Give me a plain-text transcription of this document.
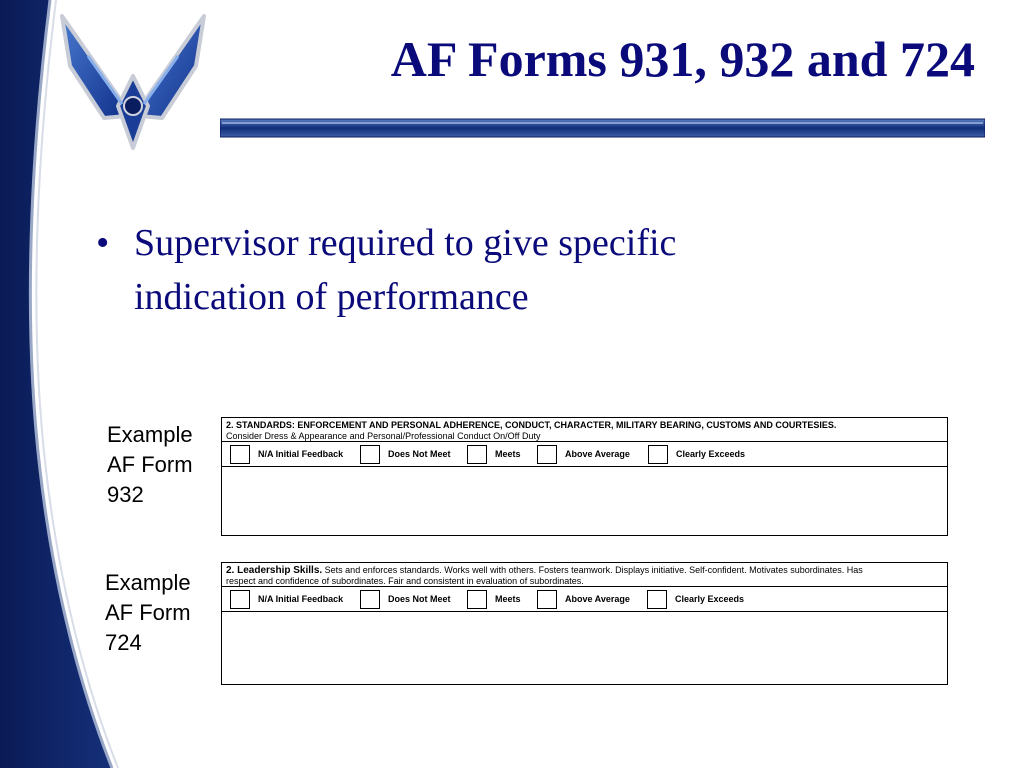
AF Forms 931, 932 and 724
• Supervisor required to give specific indication of performance
Example
AF Form
932
2. STANDARDS: ENFORCEMENT AND PERSONAL ADHERENCE, CONDUCT, CHARACTER, MILITARY BEARING, CUSTOMS AND COURTESIES.
Consider Dress & Appearance and Personal/Professional Conduct On/Off Duty
N/A Initial Feedback	Does Not Meet	Meets	Above Average	Clearly Exceeds
Example
AF Form
724
2. Leadership Skills. Sets and enforces standards. Works well with others. Fosters teamwork. Displays initiative. Self-confident. Motivates subordinates. Has
respect and confidence of subordinates. Fair and consistent in evaluation of subordinates.
N/A Initial Feedback	Does Not Meet	Meets	Above Average	Clearly Exceeds
